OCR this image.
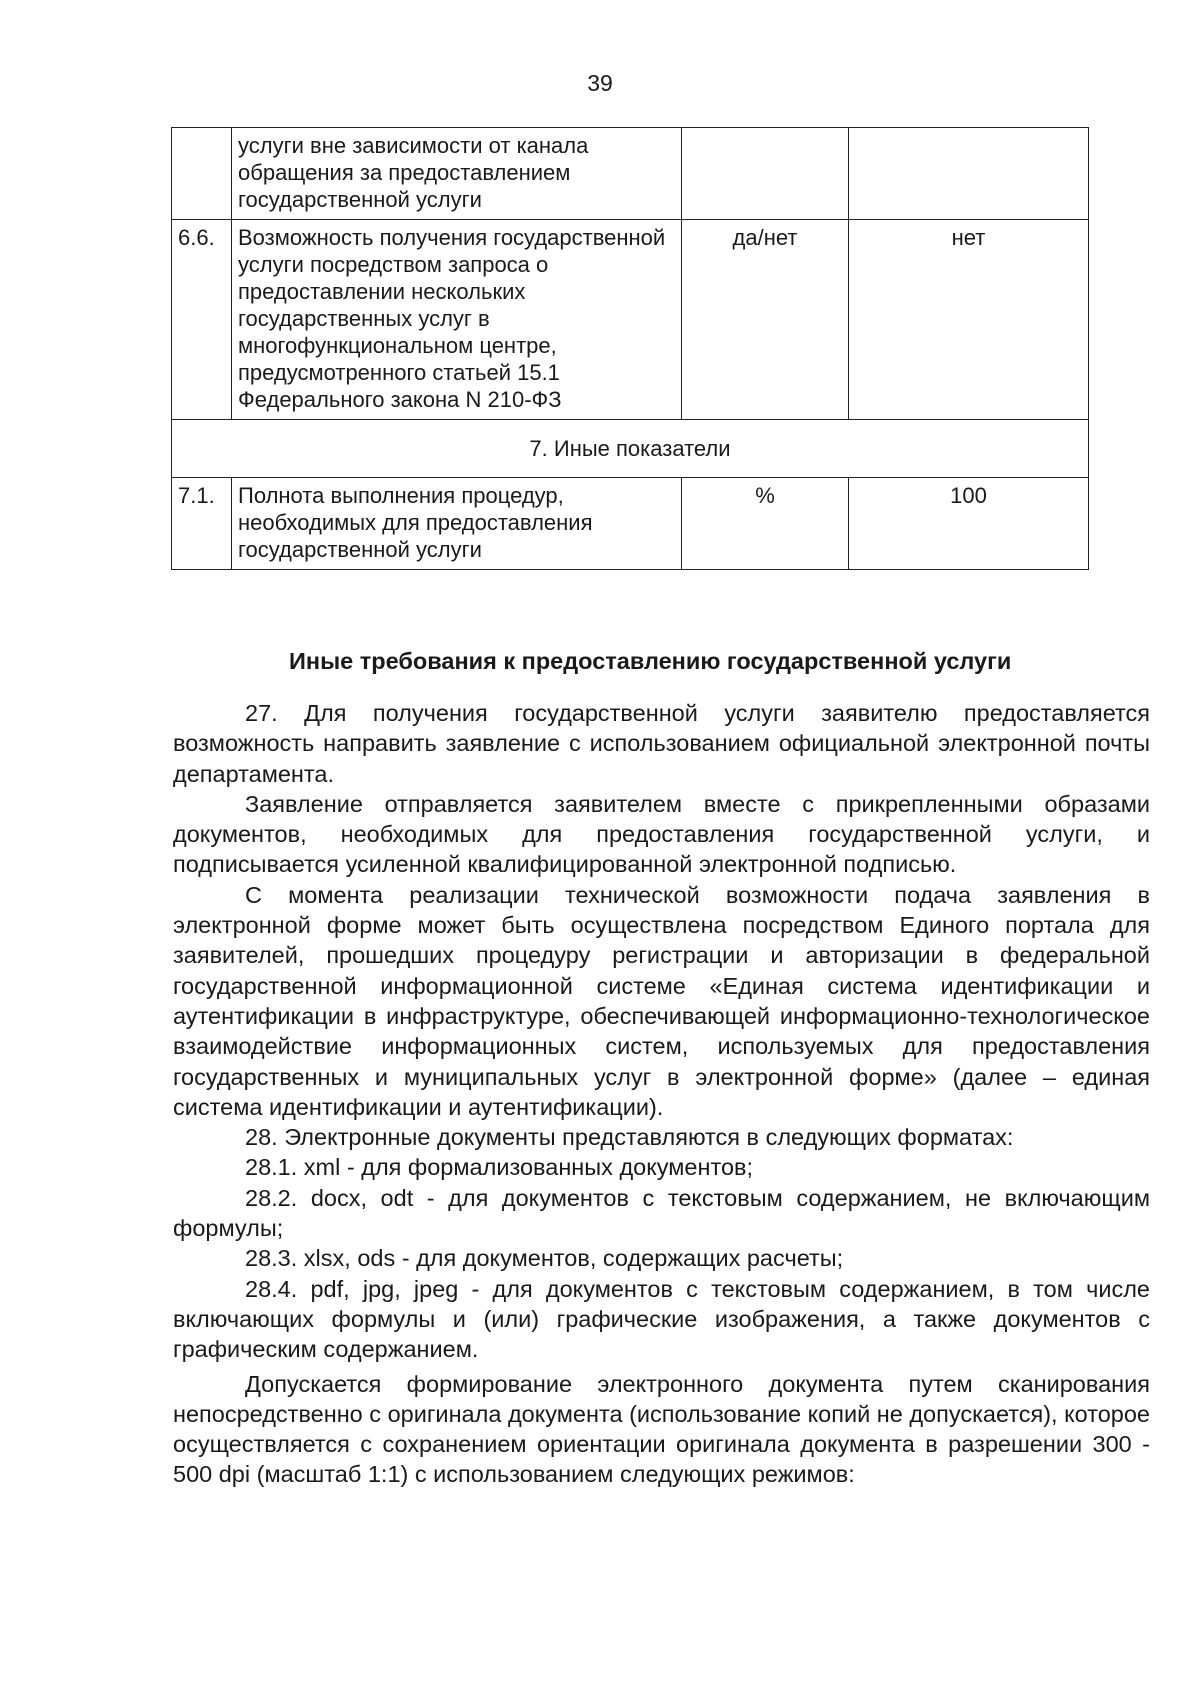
39
	услуги вне зависимости от канала обращения за предоставлением государственной услуги		
6.6.	Возможность получения государственной услуги посредством запроса о предоставлении нескольких государственных услуг в многофункциональном центре, предусмотренного статьей 15.1 Федерального закона N 210-ФЗ	да/нет	нет
7. Иные показатели			
7.1.	Полнота выполнения процедур, необходимых для предоставления государственной услуги	%	100
Иные требования к предоставлению государственной услуги

27. Для получения государственной услуги заявителю предоставляется возможность направить заявление с использованием официальной электронной почты департамента.

Заявление отправляется заявителем вместе с прикрепленными образами документов, необходимых для предоставления государственной услуги, и подписывается усиленной квалифицированной электронной подписью.

С момента реализации технической возможности подача заявления в электронной форме может быть осуществлена посредством Единого портала для заявителей, прошедших процедуру регистрации и авторизации в федеральной государственной информационной системе «Единая система идентификации и аутентификации в инфраструктуре, обеспечивающей информационно-технологическое взаимодействие информационных систем, используемых для предоставления государственных и муниципальных услуг в электронной форме» (далее – единая система идентификации и аутентификации).

28. Электронные документы представляются в следующих форматах:

28.1. xml - для формализованных документов;

28.2. docx, odt - для документов с текстовым содержанием, не включающим формулы;

28.3. xlsx, ods - для документов, содержащих расчеты;

28.4. pdf, jpg, jpeg - для документов с текстовым содержанием, в том числе включающих формулы и (или) графические изображения, а также документов с графическим содержанием.

Допускается формирование электронного документа путем сканирования непосредственно с оригинала документа (использование копий не допускается), которое осуществляется с сохранением ориентации оригинала документа в разрешении 300 - 500 dpi (масштаб 1:1) с использованием следующих режимов:
